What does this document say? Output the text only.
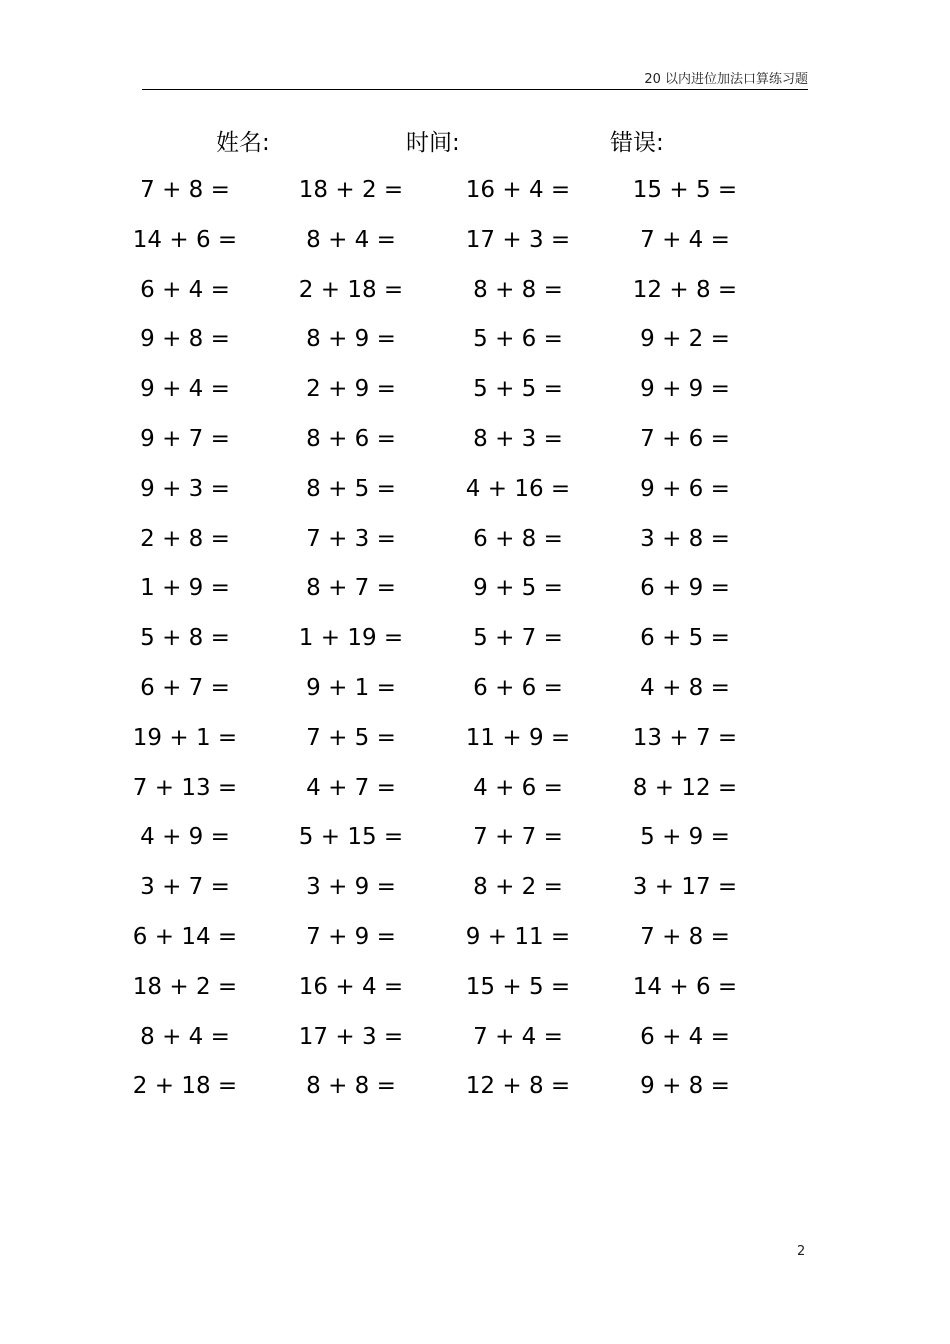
20 以内进位加法口算练习题
姓名:	时间:	错误:
7 + 8 =	18 + 2 =	16 + 4 =	15 + 5 =
14 + 6 =	8 + 4 =	17 + 3 =	7 + 4 =
6 + 4 =	2 + 18 =	8 + 8 =	12 + 8 =
9 + 8 =	8 + 9 =	5 + 6 =	9 + 2 =
9 + 4 =	2 + 9 =	5 + 5 =	9 + 9 =
9 + 7 =	8 + 6 =	8 + 3 =	7 + 6 =
9 + 3 =	8 + 5 =	4 + 16 =	9 + 6 =
2 + 8 =	7 + 3 =	6 + 8 =	3 + 8 =
1 + 9 =	8 + 7 =	9 + 5 =	6 + 9 =
5 + 8 =	1 + 19 =	5 + 7 =	6 + 5 =
6 + 7 =	9 + 1 =	6 + 6 =	4 + 8 =
19 + 1 =	7 + 5 =	11 + 9 =	13 + 7 =
7 + 13 =	4 + 7 =	4 + 6 =	8 + 12 =
4 + 9 =	5 + 15 =	7 + 7 =	5 + 9 =
3 + 7 =	3 + 9 =	8 + 2 =	3 + 17 =
6 + 14 =	7 + 9 =	9 + 11 =	7 + 8 =
18 + 2 =	16 + 4 =	15 + 5 =	14 + 6 =
8 + 4 =	17 + 3 =	7 + 4 =	6 + 4 =
2 + 18 =	8 + 8 =	12 + 8 =	9 + 8 =
2
